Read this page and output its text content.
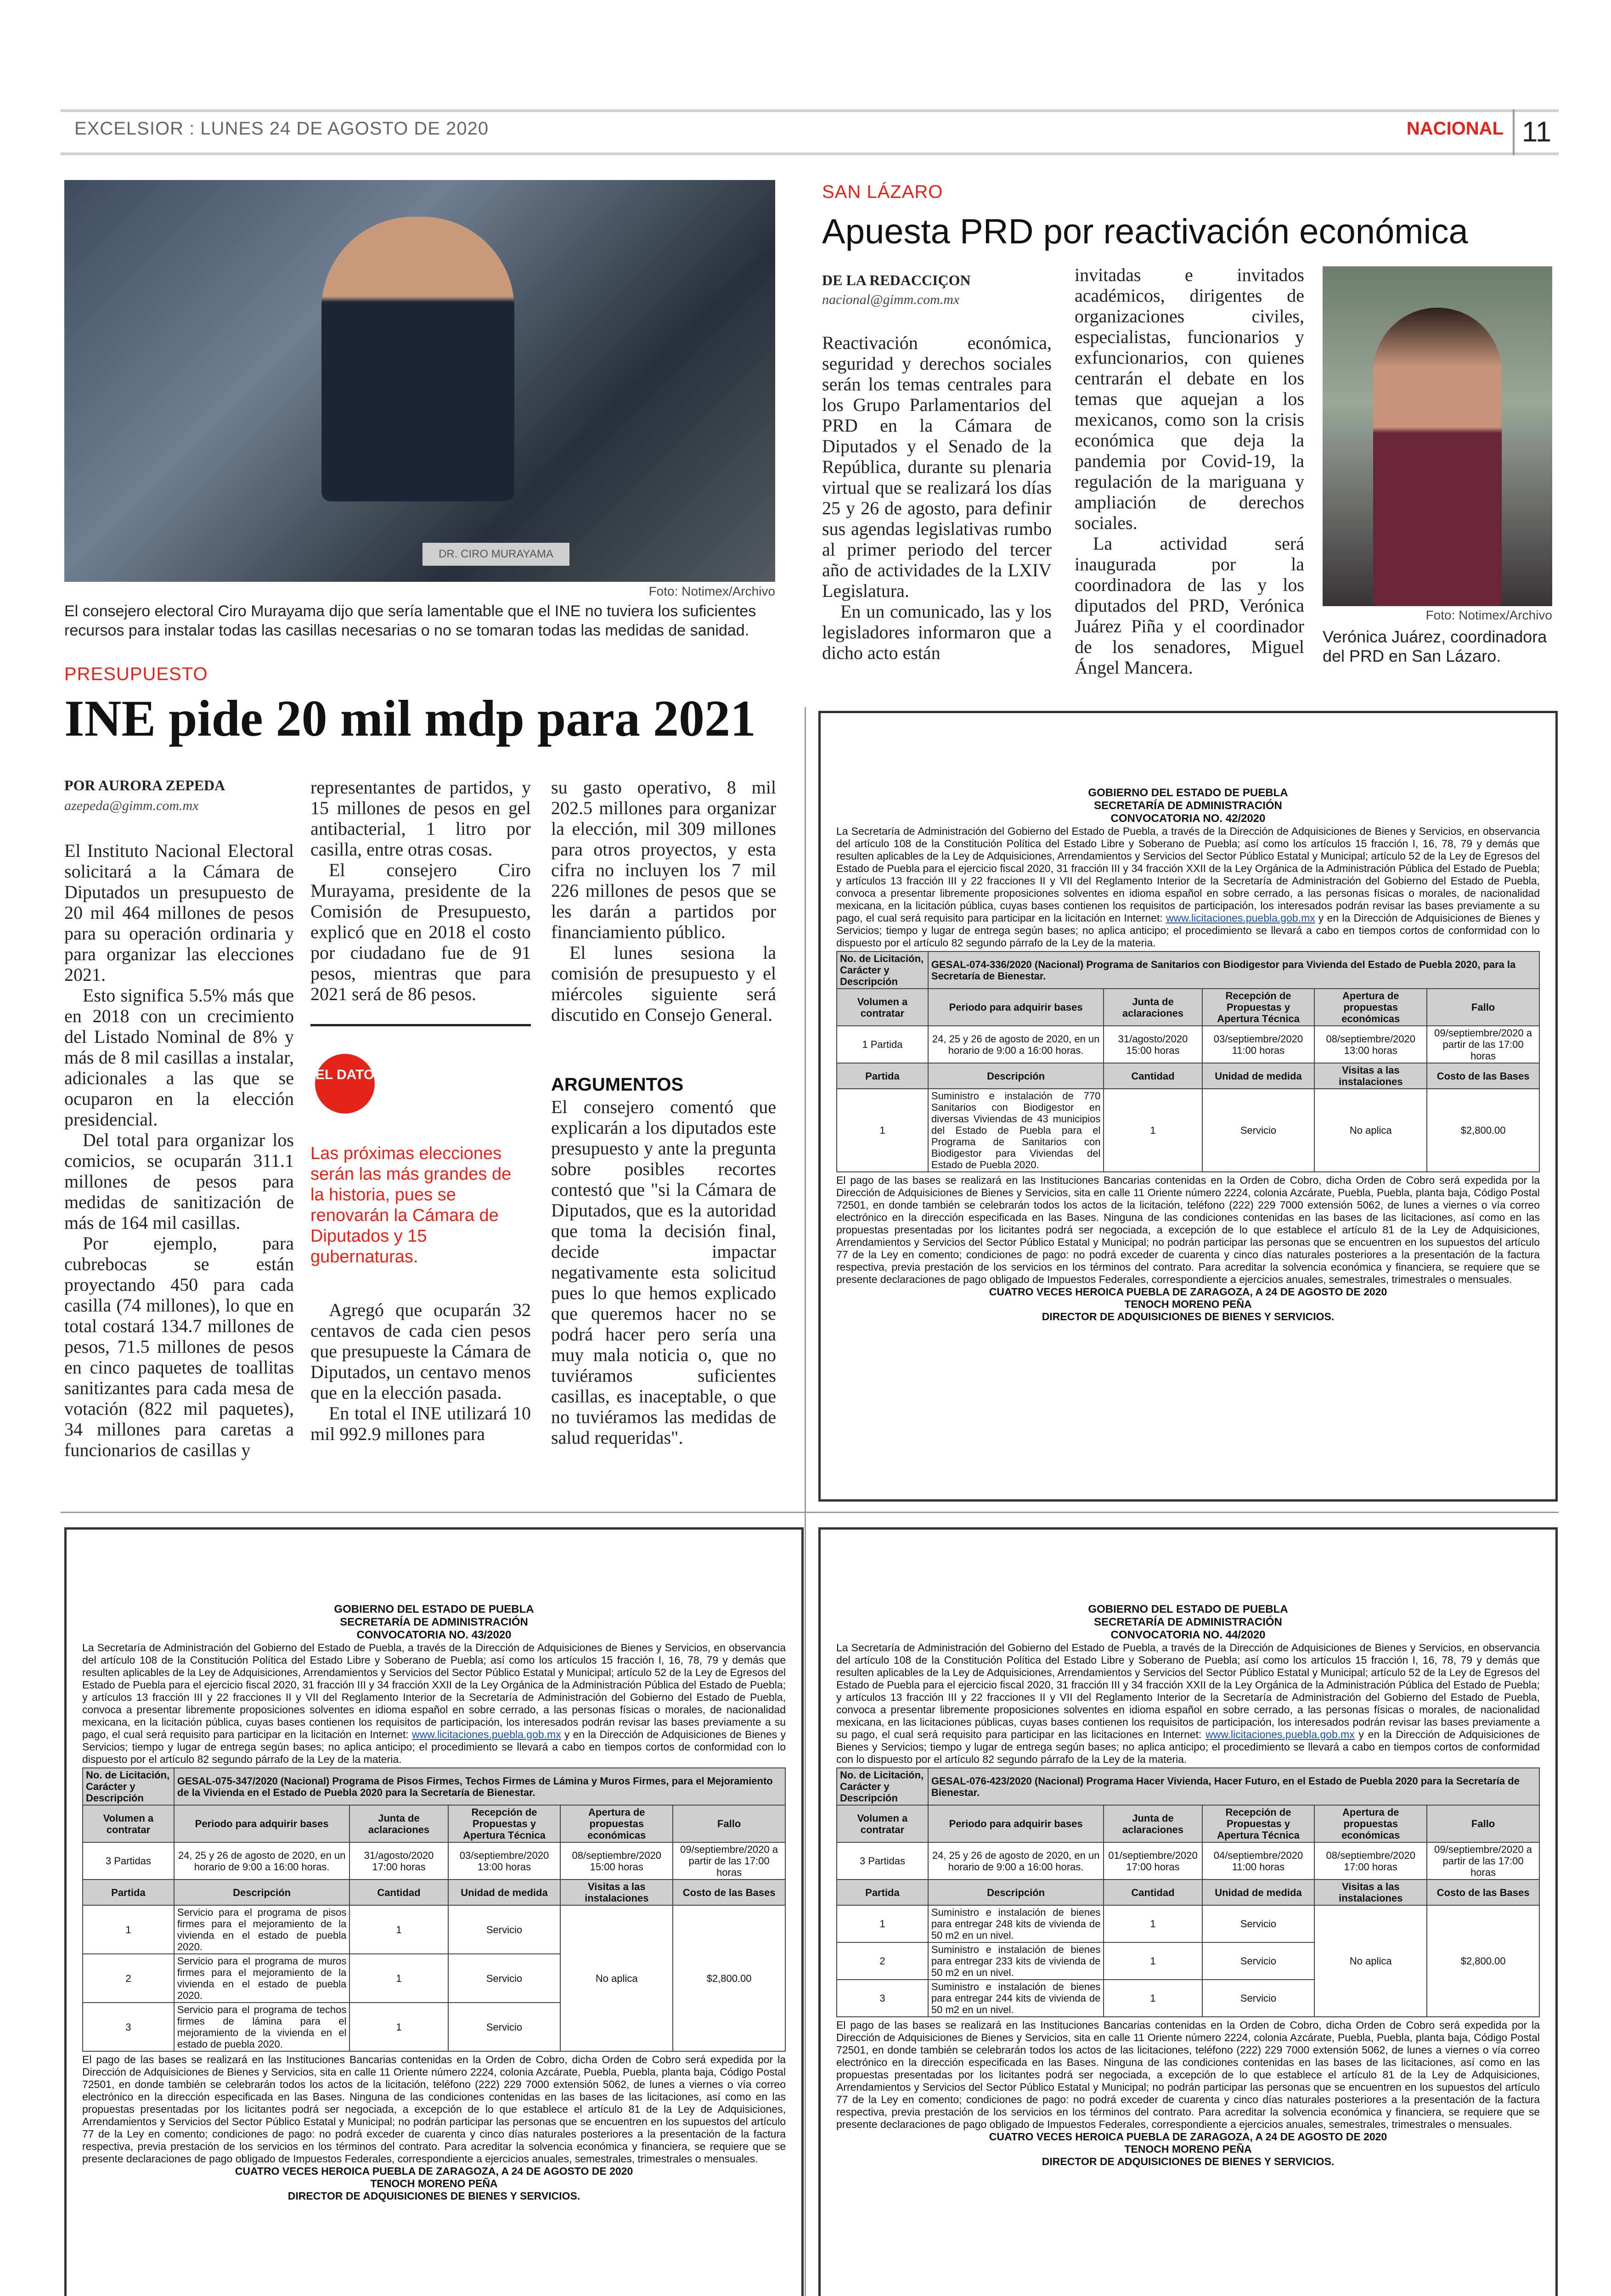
EXCELSIOR : LUNES 24 DE AGOSTO DE 2020	NACIONAL 11
DR. CIRO MURAYAMA
Foto: Notimex/Archivo
El consejero electoral Ciro Murayama dijo que sería lamentable que el INE no tuviera los suficientes recursos para instalar todas las casillas necesarias o no se tomaran todas las medidas de sanidad.
PRESUPUESTO
INE pide 20 mil mdp para 2021
POR AURORA ZEPEDA
azepeda@gimm.com.mx

El Instituto Nacional Electoral solicitará a la Cámara de Diputados un presupuesto de 20 mil 464 millones de pesos para su operación ordinaria y para organizar las elecciones 2021.

Esto significa 5.5% más que en 2018 con un crecimiento del Listado Nominal de 8% y más de 8 mil casillas a instalar, adicionales a las que se ocuparon en la elección presidencial.

Del total para organizar los comicios, se ocuparán 311.1 millones de pesos para medidas de sanitización de más de 164 mil casillas.

Por ejemplo, para cubrebocas se están proyectando 450 para cada casilla (74 millones), lo que en total costará 134.7 millones de pesos, 71.5 millones de pesos en cinco paquetes de toallitas sanitizantes para cada mesa de votación (822 mil paquetes), 34 millones para caretas a funcionarios de casillas y

representantes de partidos, y 15 millones de pesos en gel antibacterial, 1 litro por casilla, entre otras cosas.

El consejero Ciro Murayama, presidente de la Comisión de Presupuesto, explicó que en 2018 el costo por ciudadano fue de 91 pesos, mientras que para 2021 será de 86 pesos.

EL DATO
Las próximas elecciones serán las más grandes de la historia, pues se renovarán la Cámara de Diputados y 15 gubernaturas.

Agregó que ocuparán 32 centavos de cada cien pesos que presupueste la Cámara de Diputados, un centavo menos que en la elección pasada.

En total el INE utilizará 10 mil 992.9 millones para

su gasto operativo, 8 mil 202.5 millones para organizar la elección, mil 309 millones para otros proyectos, y esta cifra no incluyen los 7 mil 226 millones de pesos que se les darán a partidos por financiamiento público.

El lunes sesiona la comisión de presupuesto y el miércoles siguiente será discutido en Consejo General.

ARGUMENTOS

El consejero comentó que explicarán a los diputados este presupuesto y ante la pregunta sobre posibles recortes contestó que "si la Cámara de Diputados, que es la autoridad que toma la decisión final, decide impactar negativamente esta solicitud pues lo que hemos explicado que queremos hacer no se podrá hacer pero sería una muy mala noticia o, que no tuviéramos suficientes casillas, es inaceptable, o que no tuviéramos las medidas de salud requeridas".

SAN LÁZARO
Apuesta PRD por reactivación económica
DE LA REDACCIÇON
nacional@gimm.com.mx

Reactivación económica, seguridad y derechos sociales serán los temas centrales para los Grupo Parlamentarios del PRD en la Cámara de Diputados y el Senado de la República, durante su plenaria virtual que se realizará los días 25 y 26 de agosto, para definir sus agendas legislativas rumbo al primer periodo del tercer año de actividades de la LXIV Legislatura.

En un comunicado, las y los legisladores informaron que a dicho acto están

invitadas e invitados académicos, dirigentes de organizaciones civiles, especialistas, funcionarios y exfuncionarios, con quienes centrarán el debate en los temas que aquejan a los mexicanos, como son la crisis económica que deja la pandemia por Covid-19, la regulación de la mariguana y ampliación de derechos sociales.

La actividad será inaugurada por la coordinadora de las y los diputados del PRD, Verónica Juárez Piña y el coordinador de los senadores, Miguel Ángel Mancera.

Foto: Notimex/Archivo
Verónica Juárez, coordinadora del PRD en San Lázaro.
GOBIERNO DEL ESTADO DE PUEBLA
SECRETARÍA DE ADMINISTRACIÓN
CONVOCATORIA NO. 42/2020
La Secretaría de Administración del Gobierno del Estado de Puebla, a través de la Dirección de Adquisiciones de Bienes y Servicios, en observancia del artículo 108 de la Constitución Política del Estado Libre y Soberano de Puebla; así como los artículos 15 fracción I, 16, 78, 79 y demás que resulten aplicables de la Ley de Adquisiciones, Arrendamientos y Servicios del Sector Público Estatal y Municipal; artículo 52 de la Ley de Egresos del Estado de Puebla para el ejercicio fiscal 2020, 31 fracción III y 34 fracción XXII de la Ley Orgánica de la Administración Pública del Estado de Puebla; y artículos 13 fracción III y 22 fracciones II y VII del Reglamento Interior de la Secretaría de Administración del Gobierno del Estado de Puebla, convoca a presentar libremente proposiciones solventes en idioma español en sobre cerrado, a las personas físicas o morales, de nacionalidad mexicana, en la licitación pública, cuyas bases contienen los requisitos de participación, los interesados podrán revisar las bases previamente a su pago, el cual será requisito para participar en la licitación en Internet: www.licitaciones.puebla.gob.mx y en la Dirección de Adquisiciones de Bienes y Servicios; tiempo y lugar de entrega según bases; no aplica anticipo; el procedimiento se llevará a cabo en tiempos cortos de conformidad con lo dispuesto por el artículo 82 segundo párrafo de la Ley de la materia.
No. de Licitación, Carácter y Descripción	GESAL-074-336/2020 (Nacional) Programa de Sanitarios con Biodigestor para Vivienda del Estado de Puebla 2020, para la Secretaría de Bienestar.				
Volumen a contratar	Periodo para adquirir bases	Junta de aclaraciones	Recepción de Propuestas y Apertura Técnica	Apertura de propuestas económicas	Fallo
1 Partida	24, 25 y 26 de agosto de 2020, en un horario de 9:00 a 16:00 horas.	31/agosto/2020 15:00 horas	03/septiembre/2020 11:00 horas	08/septiembre/2020 13:00 horas	09/septiembre/2020 a partir de las 17:00 horas
Partida	Descripción	Cantidad	Unidad de medida	Visitas a las instalaciones	Costo de las Bases
1	Suministro e instalación de 770 Sanitarios con Biodigestor en diversas Viviendas de 43 municipios del Estado de Puebla para el Programa de Sanitarios con Biodigestor para Viviendas del Estado de Puebla 2020.	1	Servicio	No aplica	$2,800.00
El pago de las bases se realizará en las Instituciones Bancarias contenidas en la Orden de Cobro, dicha Orden de Cobro será expedida por la Dirección de Adquisiciones de Bienes y Servicios, sita en calle 11 Oriente número 2224, colonia Azcárate, Puebla, Puebla, planta baja, Código Postal 72501, en donde también se celebrarán todos los actos de la licitación, teléfono (222) 229 7000 extensión 5062, de lunes a viernes o vía correo electrónico en la dirección especificada en las Bases. Ninguna de las condiciones contenidas en las bases de las licitaciones, así como en las propuestas presentadas por los licitantes podrá ser negociada, a excepción de lo que establece el artículo 81 de la Ley de Adquisiciones, Arrendamientos y Servicios del Sector Público Estatal y Municipal; no podrán participar las personas que se encuentren en los supuestos del artículo 77 de la Ley en comento; condiciones de pago: no podrá exceder de cuarenta y cinco días naturales posteriores a la presentación de la factura respectiva, previa prestación de los servicios en los términos del contrato. Para acreditar la solvencia económica y financiera, se requiere que se presente declaraciones de pago obligado de Impuestos Federales, correspondiente a ejercicios anuales, semestrales, trimestrales o mensuales.
CUATRO VECES HEROICA PUEBLA DE ZARAGOZA, A 24 DE AGOSTO DE 2020
TENOCH MORENO PEÑA
DIRECTOR DE ADQUISICIONES DE BIENES Y SERVICIOS.
GOBIERNO DEL ESTADO DE PUEBLA
SECRETARÍA DE ADMINISTRACIÓN
CONVOCATORIA NO. 43/2020
La Secretaría de Administración del Gobierno del Estado de Puebla, a través de la Dirección de Adquisiciones de Bienes y Servicios, en observancia del artículo 108 de la Constitución Política del Estado Libre y Soberano de Puebla; así como los artículos 15 fracción I, 16, 78, 79 y demás que resulten aplicables de la Ley de Adquisiciones, Arrendamientos y Servicios del Sector Público Estatal y Municipal; artículo 52 de la Ley de Egresos del Estado de Puebla para el ejercicio fiscal 2020, 31 fracción III y 34 fracción XXII de la Ley Orgánica de la Administración Pública del Estado de Puebla; y artículos 13 fracción III y 22 fracciones II y VII del Reglamento Interior de la Secretaría de Administración del Gobierno del Estado de Puebla, convoca a presentar libremente proposiciones solventes en idioma español en sobre cerrado, a las personas físicas o morales, de nacionalidad mexicana, en la licitación pública, cuyas bases contienen los requisitos de participación, los interesados podrán revisar las bases previamente a su pago, el cual será requisito para participar en la licitación en Internet: www.licitaciones.puebla.gob.mx y en la Dirección de Adquisiciones de Bienes y Servicios; tiempo y lugar de entrega según bases; no aplica anticipo; el procedimiento se llevará a cabo en tiempos cortos de conformidad con lo dispuesto por el artículo 82 segundo párrafo de la Ley de la materia.
No. de Licitación, Carácter y Descripción	GESAL-075-347/2020 (Nacional) Programa de Pisos Firmes, Techos Firmes de Lámina y Muros Firmes, para el Mejoramiento de la Vivienda en el Estado de Puebla 2020 para la Secretaría de Bienestar.				
Volumen a contratar	Periodo para adquirir bases	Junta de aclaraciones	Recepción de Propuestas y Apertura Técnica	Apertura de propuestas económicas	Fallo
3 Partidas	24, 25 y 26 de agosto de 2020, en un horario de 9:00 a 16:00 horas.	31/agosto/2020 17:00 horas	03/septiembre/2020 13:00 horas	08/septiembre/2020 15:00 horas	09/septiembre/2020 a partir de las 17:00 horas
Partida	Descripción	Cantidad	Unidad de medida	Visitas a las instalaciones	Costo de las Bases
1	Servicio para el programa de pisos firmes para el mejoramiento de la vivienda en el estado de puebla 2020.	1	Servicio	No aplica	$2,800.00
2	Servicio para el programa de muros firmes para el mejoramiento de la vivienda en el estado de puebla 2020.	1	Servicio		
3	Servicio para el programa de techos firmes de lámina para el mejoramiento de la vivienda en el estado de puebla 2020.	1	Servicio		
El pago de las bases se realizará en las Instituciones Bancarias contenidas en la Orden de Cobro, dicha Orden de Cobro será expedida por la Dirección de Adquisiciones de Bienes y Servicios, sita en calle 11 Oriente número 2224, colonia Azcárate, Puebla, Puebla, planta baja, Código Postal 72501, en donde también se celebrarán todos los actos de la licitación, teléfono (222) 229 7000 extensión 5062, de lunes a viernes o vía correo electrónico en la dirección especificada en las Bases. Ninguna de las condiciones contenidas en las bases de las licitaciones, así como en las propuestas presentadas por los licitantes podrá ser negociada, a excepción de lo que establece el artículo 81 de la Ley de Adquisiciones, Arrendamientos y Servicios del Sector Público Estatal y Municipal; no podrán participar las personas que se encuentren en los supuestos del artículo 77 de la Ley en comento; condiciones de pago: no podrá exceder de cuarenta y cinco días naturales posteriores a la presentación de la factura respectiva, previa prestación de los servicios en los términos del contrato. Para acreditar la solvencia económica y financiera, se requiere que se presente declaraciones de pago obligado de Impuestos Federales, correspondiente a ejercicios anuales, semestrales, trimestrales o mensuales.
CUATRO VECES HEROICA PUEBLA DE ZARAGOZA, A 24 DE AGOSTO DE 2020
TENOCH MORENO PEÑA
DIRECTOR DE ADQUISICIONES DE BIENES Y SERVICIOS.
GOBIERNO DEL ESTADO DE PUEBLA
SECRETARÍA DE ADMINISTRACIÓN
CONVOCATORIA NO. 44/2020
La Secretaría de Administración del Gobierno del Estado de Puebla, a través de la Dirección de Adquisiciones de Bienes y Servicios, en observancia del artículo 108 de la Constitución Política del Estado Libre y Soberano de Puebla; así como los artículos 15 fracción I, 16, 78, 79 y demás que resulten aplicables de la Ley de Adquisiciones, Arrendamientos y Servicios del Sector Público Estatal y Municipal; artículo 52 de la Ley de Egresos del Estado de Puebla para el ejercicio fiscal 2020, 31 fracción III y 34 fracción XXII de la Ley Orgánica de la Administración Pública del Estado de Puebla; y artículos 13 fracción III y 22 fracciones II y VII del Reglamento Interior de la Secretaría de Administración del Gobierno del Estado de Puebla, convoca a presentar libremente proposiciones solventes en idioma español en sobre cerrado, a las personas físicas o morales, de nacionalidad mexicana, en las licitaciones públicas, cuyas bases contienen los requisitos de participación, los interesados podrán revisar las bases previamente a su pago, el cual será requisito para participar en las licitaciones en Internet: www.licitaciones.puebla.gob.mx y en la Dirección de Adquisiciones de Bienes y Servicios; tiempo y lugar de entrega según bases; no aplica anticipo; el procedimiento se llevará a cabo en tiempos cortos de conformidad con lo dispuesto por el artículo 82 segundo párrafo de la Ley de la materia.
No. de Licitación, Carácter y Descripción	GESAL-076-423/2020 (Nacional) Programa Hacer Vivienda, Hacer Futuro, en el Estado de Puebla 2020 para la Secretaría de Bienestar.				
Volumen a contratar	Periodo para adquirir bases	Junta de aclaraciones	Recepción de Propuestas y Apertura Técnica	Apertura de propuestas económicas	Fallo
3 Partidas	24, 25 y 26 de agosto de 2020, en un horario de 9:00 a 16:00 horas.	01/septiembre/2020 17:00 horas	04/septiembre/2020 11:00 horas	08/septiembre/2020 17:00 horas	09/septiembre/2020 a partir de las 17:00 horas
Partida	Descripción	Cantidad	Unidad de medida	Visitas a las instalaciones	Costo de las Bases
1	Suministro e instalación de bienes para entregar 248 kits de vivienda de 50 m2 en un nivel.	1	Servicio	No aplica	$2,800.00
2	Suministro e instalación de bienes para entregar 233 kits de vivienda de 50 m2 en un nivel.	1	Servicio		
3	Suministro e instalación de bienes para entregar 244 kits de vivienda de 50 m2 en un nivel.	1	Servicio		
El pago de las bases se realizará en las Instituciones Bancarias contenidas en la Orden de Cobro, dicha Orden de Cobro será expedida por la Dirección de Adquisiciones de Bienes y Servicios, sita en calle 11 Oriente número 2224, colonia Azcárate, Puebla, Puebla, planta baja, Código Postal 72501, en donde también se celebrarán todos los actos de las licitaciones, teléfono (222) 229 7000 extensión 5062, de lunes a viernes o vía correo electrónico en la dirección especificada en las Bases. Ninguna de las condiciones contenidas en las bases de las licitaciones, así como en las propuestas presentadas por los licitantes podrá ser negociada, a excepción de lo que establece el artículo 81 de la Ley de Adquisiciones, Arrendamientos y Servicios del Sector Público Estatal y Municipal; no podrán participar las personas que se encuentren en los supuestos del artículo 77 de la Ley en comento; condiciones de pago: no podrá exceder de cuarenta y cinco días naturales posteriores a la presentación de la factura respectiva, previa prestación de los servicios en los términos del contrato. Para acreditar la solvencia económica y financiera, se requiere que se presente declaraciones de pago obligado de Impuestos Federales, correspondiente a ejercicios anuales, semestrales, trimestrales o mensuales.
CUATRO VECES HEROICA PUEBLA DE ZARAGOZA, A 24 DE AGOSTO DE 2020
TENOCH MORENO PEÑA
DIRECTOR DE ADQUISICIONES DE BIENES Y SERVICIOS.
